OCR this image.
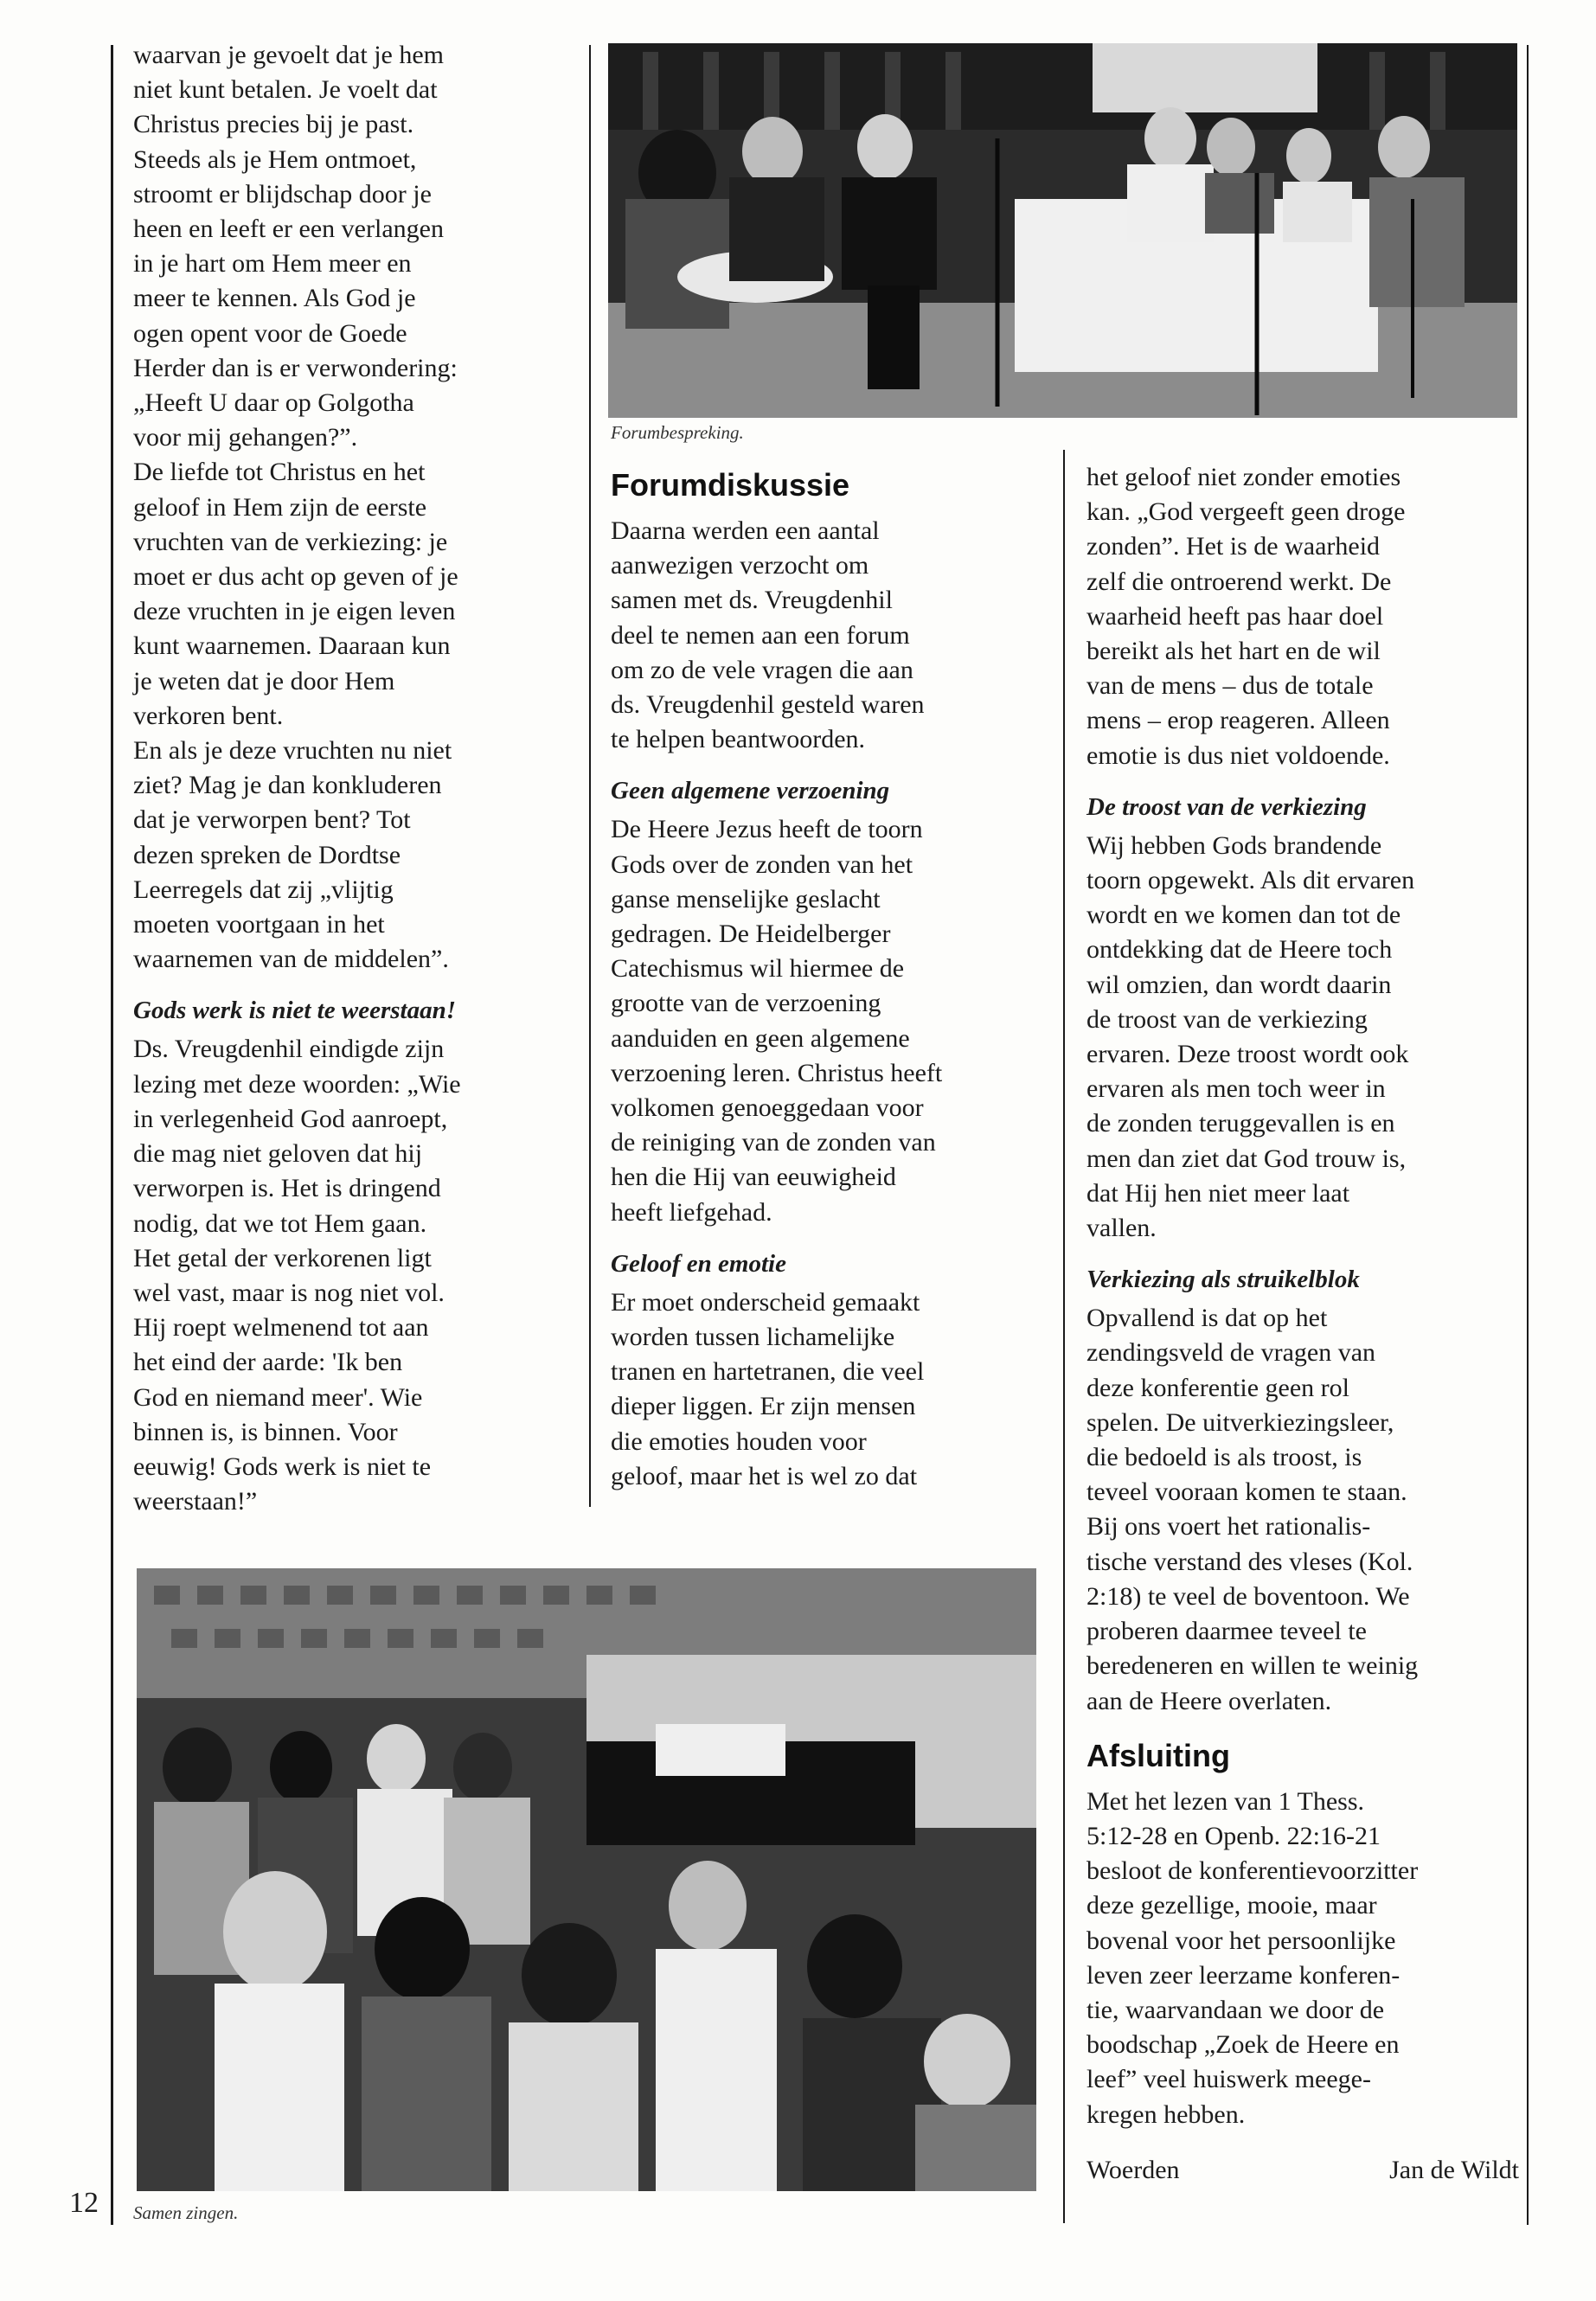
waarvan je gevoelt dat je hem

niet kunt betalen. Je voelt dat

Christus precies bij je past.

Steeds als je Hem ontmoet,

stroomt er blijdschap door je

heen en leeft er een verlangen

in je hart om Hem meer en

meer te kennen. Als God je

ogen opent voor de Goede

Herder dan is er verwondering:

„Heeft U daar op Golgotha

voor mij gehangen?”.

De liefde tot Christus en het

geloof in Hem zijn de eerste

vruchten van de verkiezing: je

moet er dus acht op geven of je

deze vruchten in je eigen leven

kunt waarnemen. Daaraan kun

je weten dat je door Hem

verkoren bent.

En als je deze vruchten nu niet

ziet? Mag je dan konkluderen

dat je verworpen bent? Tot

dezen spreken de Dordtse

Leerregels dat zij „vlijtig

moeten voortgaan in het

waarnemen van de middelen”.

Gods werk is niet te weerstaan!

Ds. Vreugdenhil eindigde zijn

lezing met deze woorden: „Wie

in verlegenheid God aanroept,

die mag niet geloven dat hij

verworpen is. Het is dringend

nodig, dat we tot Hem gaan.

Het getal der verkorenen ligt

wel vast, maar is nog niet vol.

Hij roept welmenend tot aan

het eind der aarde: 'Ik ben

God en niemand meer'. Wie

binnen is, is binnen. Voor

eeuwig! Gods werk is niet te

weerstaan!”

Forumbespreking.
Forumdiskussie

Daarna werden een aantal

aanwezigen verzocht om

samen met ds. Vreugdenhil

deel te nemen aan een forum

om zo de vele vragen die aan

ds. Vreugdenhil gesteld waren

te helpen beantwoorden.

Geen algemene verzoening

De Heere Jezus heeft de toorn

Gods over de zonden van het

ganse menselijke geslacht

gedragen. De Heidelberger

Catechismus wil hiermee de

grootte van de verzoening

aanduiden en geen algemene

verzoening leren. Christus heeft

volkomen genoeggedaan voor

de reiniging van de zonden van

hen die Hij van eeuwigheid

heeft liefgehad.

Geloof en emotie

Er moet onderscheid gemaakt

worden tussen lichamelijke

tranen en hartetranen, die veel

dieper liggen. Er zijn mensen

die emoties houden voor

geloof, maar het is wel zo dat

het geloof niet zonder emoties

kan. „God vergeeft geen droge

zonden”. Het is de waarheid

zelf die ontroerend werkt. De

waarheid heeft pas haar doel

bereikt als het hart en de wil

van de mens – dus de totale

mens – erop reageren. Alleen

emotie is dus niet voldoende.

De troost van de verkiezing

Wij hebben Gods brandende

toorn opgewekt. Als dit ervaren

wordt en we komen dan tot de

ontdekking dat de Heere toch

wil omzien, dan wordt daarin

de troost van de verkiezing

ervaren. Deze troost wordt ook

ervaren als men toch weer in

de zonden teruggevallen is en

men dan ziet dat God trouw is,

dat Hij hen niet meer laat

vallen.

Verkiezing als struikelblok

Opvallend is dat op het

zendingsveld de vragen van

deze konferentie geen rol

spelen. De uitverkiezingsleer,

die bedoeld is als troost, is

teveel vooraan komen te staan.

Bij ons voert het rationalis-

tische verstand des vleses (Kol.

2:18) te veel de boventoon. We

proberen daarmee teveel te

beredeneren en willen te weinig

aan de Heere overlaten.

Afsluiting

Met het lezen van 1 Thess.

5:12-28 en Openb. 22:16-21

besloot de konferentievoorzitter

deze gezellige, mooie, maar

bovenal voor het persoonlijke

leven zeer leerzame konferen-

tie, waarvandaan we door de

boodschap „Zoek de Heere en

leef” veel huiswerk meege-

kregen hebben.

Woerden	Jan de Wildt
Samen zingen.
12
